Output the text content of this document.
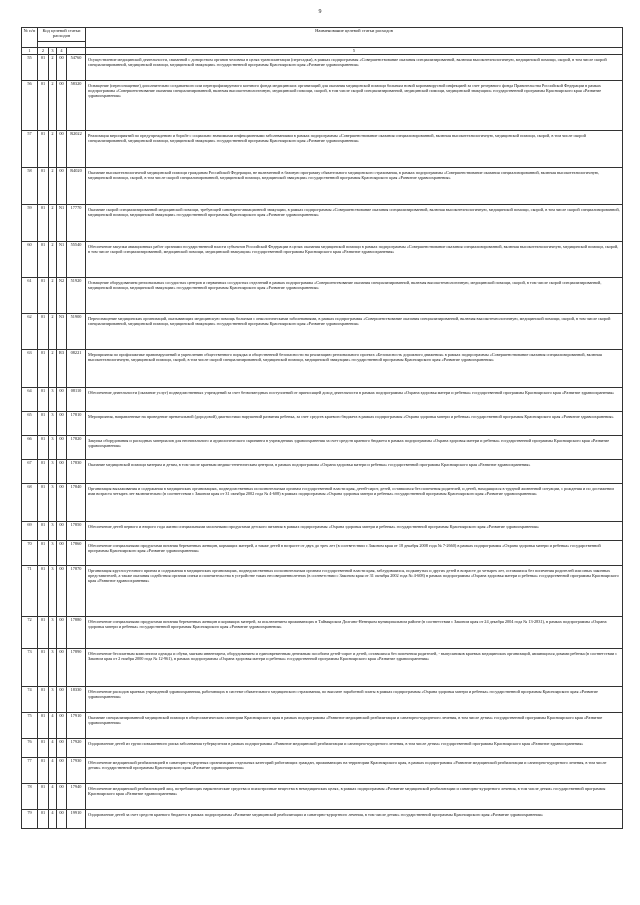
9
№ п/п	Код целевой статьи расходов				Наименование целевой статьи расходов

1	2	3	4		5
55	01	2	00	54760	Осуществление медицинской деятельности, связанной с донорством органов человека в целях трансплантации (пересадки), в рамках подпрограммы «Совершенствование оказания специализированной, включая высокотехнологичную, медицинской помощи, скорой, в том числе скорой специализированной, медицинской помощи, медицинской эвакуации» государственной программы Красноярского края «Развитие здравоохранения»
56	01	2	00	58320	Оснащение (переоснащение) дополнительно создаваемого или перепрофилируемого коечного фонда медицинских организаций для оказания медицинской помощи больным новой коронавирусной инфекцией за счет резервного фонда Правительства Российской Федерации в рамках подпрограммы «Совершенствование оказания специализированной, включая высокотехнологичную, медицинской помощи, скорой, в том числе скорой специализированной, медицинской помощи, медицинской эвакуации» государственной программы Красноярского края «Развитие здравоохранения»
57	01	2	00	R2022	Реализация мероприятий по предупреждению и борьбе с социально значимыми инфекционными заболеваниями в рамках подпрограммы «Совершенствование оказания специализированной, включая высокотехнологичную, медицинской помощи, скорой, в том числе скорой специализированной, медицинской помощи, медицинской эвакуации» государственной программы Красноярского края «Развитие здравоохранения»
58	01	2	00	R4020	Оказание высокотехнологичной медицинской помощи гражданам Российской Федерации, не включенной в базовую программу обязательного медицинского страхования, в рамках подпрограммы «Совершенствование оказания специализированной, включая высокотехнологичную, медицинской помощи, скорой, в том числе скорой специализированной, медицинской помощи, медицинской эвакуации» государственной программы Красноярского края «Развитие здравоохранения»
59	01	2	N1	17770	Оказание скорой специализированной медицинской помощи, требующей санитарно-авиационной эвакуации, в рамках подпрограммы «Совершенствование оказания специализированной, включая высокотехнологичную, медицинской помощи, скорой, в том числе скорой специализированной, медицинской помощи, медицинской эвакуации» государственной программы Красноярского края «Развитие здравоохранения»
60	01	2	N1	55540	Обеспечение закупки авиационных работ органами государственной власти субъектов Российской Федерации в целях оказания медицинской помощи в рамках подпрограммы «Совершенствование оказания специализированной, включая высокотехнологичную, медицинской помощи, скорой, в том числе скорой специализированной, медицинской помощи, медицинской эвакуации» государственной программы Красноярского края «Развитие здравоохранения»
61	01	2	N2	51920	Оснащение оборудованием региональных сосудистых центров и первичных сосудистых отделений в рамках подпрограммы «Совершенствование оказания специализированной, включая высокотехнологичную, медицинской помощи, скорой, в том числе скорой специализированной, медицинской помощи, медицинской эвакуации» государственной программы Красноярского края «Развитие здравоохранения»
62	01	2	N3	51900	Переоснащение медицинских организаций, оказывающих медицинскую помощь больным с онкологическими заболеваниями, в рамках подпрограммы «Совершенствование оказания специализированной, включая высокотехнологичную, медицинской помощи, скорой, в том числе скорой специализированной, медицинской помощи, медицинской эвакуации» государственной программы Красноярского края «Развитие здравоохранения»
63	01	2	R3	08221	Мероприятия по профилактике правонарушений и укреплению общественного порядка и общественной безопасности на реализацию регионального проекта «Безопасность дорожного движения» в рамках подпрограммы «Совершенствование оказания специализированной, включая высокотехнологичную, медицинской помощи, скорой, в том числе скорой специализированной, медицинской помощи, медицинской эвакуации» государственной программы Красноярского края «Развитие здравоохранения»
64	01	3	00	08110	Обеспечение деятельности (оказание услуг) подведомственных учреждений за счет безвозмездных поступлений от приносящей доход деятельности в рамках подпрограммы «Охрана здоровья матери и ребенка» государственной программы Красноярского края «Развитие здравоохранения»
65	01	3	00	17810	Мероприятия, направленные на проведение пренатальной (дородовой) диагностики нарушений развития ребенка, за счет средств краевого бюджета в рамках подпрограммы «Охрана здоровья матери и ребенка» государственной программы Красноярского края «Развитие здравоохранения»
66	01	3	00	17820	Закупка оборудования и расходных материалов для неонатального и аудиологического скрининга в учреждениях здравоохранения за счет средств краевого бюджета в рамках подпрограммы «Охрана здоровья матери и ребенка» государственной программы Красноярского края «Развитие здравоохранения»
67	01	3	00	17830	Оказание медицинской помощи матерям и детям, в том числе краевым медико-генетическим центром, в рамках подпрограммы «Охрана здоровья матери и ребенка» государственной программы Красноярского края «Развитие здравоохранения»
68	01	3	00	17840	Организация выхаживания и содержания в медицинских организациях, подведомственных исполнительным органам государственной власти края, детей-сирот, детей, оставшихся без попечения родителей, и детей, находящихся в трудной жизненной ситуации, с рождения и по достижении ими возраста четырех лет включительно (в соответствии с Законом края от 31 октября 2002 года № 4-608) в рамках подпрограммы «Охрана здоровья матери и ребенка» государственной программы Красноярского края «Развитие здравоохранения»
69	01	3	00	17850	Обеспечение детей первого и второго года жизни специальными молочными продуктами детского питания в рамках подпрограммы «Охрана здоровья матери и ребенка» государственной программы Красноярского края «Развитие здравоохранения»
70	01	3	00	17860	Обеспечение специальными продуктами питания беременных женщин, кормящих матерей, а также детей в возрасте от двух до трех лет (в соответствии с Законом края от 18 декабря 2008 года № 7-2660) в рамках подпрограммы «Охрана здоровья матери и ребенка» государственной программы Красноярского края «Развитие здравоохранения»
71	01	3	00	17870	Организация круглосуточного приема и содержания в медицинских организациях, подведомственных исполнительным органам государственной власти края, заблудившихся, подкинутых и других детей в возрасте до четырех лет, оставшихся без попечения родителей или иных законных представителей, а также оказания содействия органам опеки и попечительства в устройстве таких несовершеннолетних (в соответствии с Законом края от 31 октября 2002 года № 4-608) в рамках подпрограммы «Охрана здоровья матери и ребенка» государственной программы Красноярского края «Развитие здравоохранения»
72	01	3	00	17880	Обеспечение специальными продуктами питания беременных женщин и кормящих матерей, за исключением проживающих в Таймырском Долгано-Ненецком муниципальном районе (в соответствии с Законом края от 24 декабря 2004 года № 13-2831), в рамках подпрограммы «Охрана здоровья матери и ребенка» государственной программы Красноярского края «Развитие здравоохранения»
73	01	3	00	17890	Обеспечение бесплатным комплектом одежды и обуви, мягким инвентарем, оборудованием и единовременным денежным пособием детей-сирот и детей, оставшихся без попечения родителей, - выпускников краевых медицинских организаций, являющихся домами ребенка (в соответствии с Законом края от 2 ноября 2000 года № 12-961), в рамках подпрограммы «Охрана здоровья матери и ребенка» государственной программы Красноярского края «Развитие здравоохранения»
74	01	3	00	18330	Обеспечение расходов краевых учреждений здравоохранения, работающих в системе обязательного медицинского страхования, по выплате заработной платы в рамках подпрограммы «Охрана здоровья матери и ребенка» государственной программы Красноярского края «Развитие здравоохранения»
75	01	4	00	17910	Оказание специализированной медицинской помощи в общесоматическом санатории Красноярского края в рамках подпрограммы «Развитие медицинской реабилитации и санаторно-курортного лечения, в том числе детям» государственной программы Красноярского края «Развитие здравоохранения»
76	01	4	00	17920	Оздоровление детей из групп повышенного риска заболевания туберкулезом в рамках подпрограммы «Развитие медицинской реабилитации и санаторно-курортного лечения, в том числе детям» государственной программы Красноярского края «Развитие здравоохранения»
77	01	4	00	17930	Обеспечение медицинской реабилитацией в санаторно-курортных организациях отдельных категорий работающих граждан, проживающих на территории Красноярского края, в рамках подпрограммы «Развитие медицинской реабилитации и санаторно-курортного лечения, в том числе детям» государственной программы Красноярского края «Развитие здравоохранения»
78	01	4	00	17940	Обеспечение медицинской реабилитацией лиц, потребляющих наркотические средства и психотропные вещества в немедицинских целях, в рамках подпрограммы «Развитие медицинской реабилитации и санаторно-курортного лечения, в том числе детям» государственной программы Красноярского края «Развитие здравоохранения»
79	01	4	00	19910	Оздоровление детей за счет средств краевого бюджета в рамках подпрограммы «Развитие медицинской реабилитации и санаторно-курортного лечения, в том числе детям» государственной программы Красноярского края «Развитие здравоохранения»
